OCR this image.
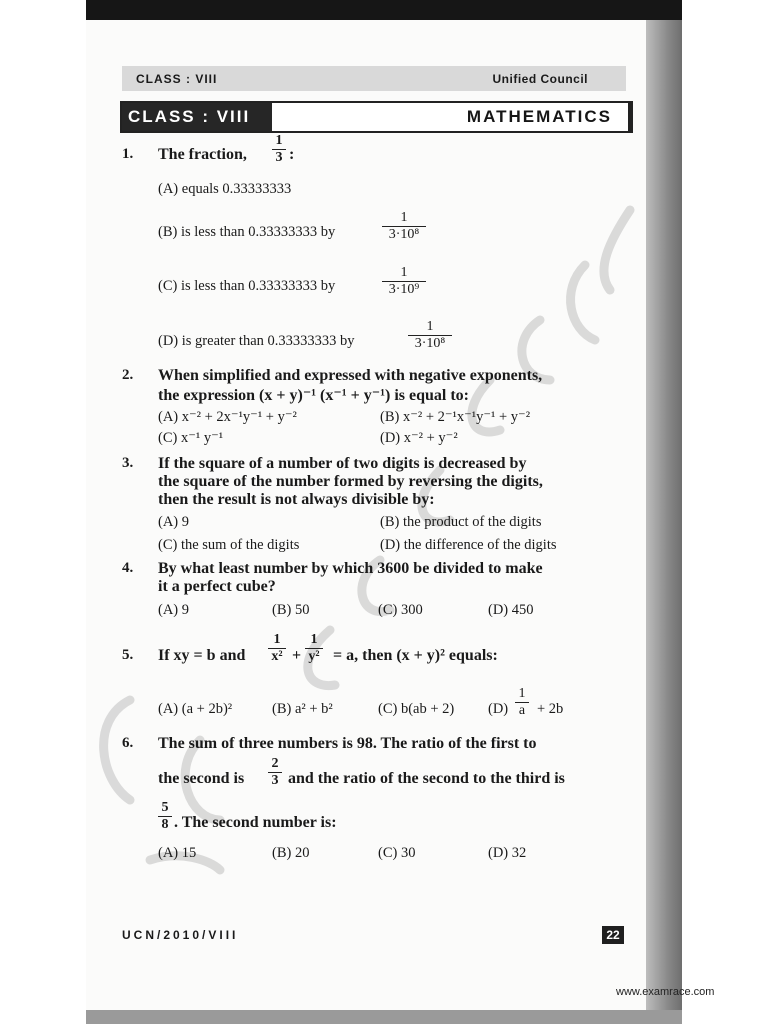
CLASS : VIII	Unified Council
CLASS : VIII	MATHEMATICS
1. The fraction, $\frac{1}{3}$ :
(A) equals 0.33333333
(B) is less than 0.33333333 by	$\frac{1}{\text{3·10⁸}}$
(C) is less than 0.33333333 by	$\frac{1}{\text{3·10⁹}}$
(D) is greater than 0.33333333 by	$\frac{1}{\text{3·10⁸}}$
2. When simplified and expressed with negative exponents,
the expression (x + y)⁻¹ (x⁻¹ + y⁻¹) is equal to:
(A) x⁻² + 2x⁻¹y⁻¹ + y⁻²	(B) x⁻² + 2⁻¹x⁻¹y⁻¹ + y⁻²
(C) x⁻¹ y⁻¹	(D) x⁻² + y⁻²
3. If the square of a number of two digits is decreased by
the square of the number formed by reversing the digits,
then the result is not always divisible by:
(A) 9	(B) the product of the digits
(C) the sum of the digits	(D) the difference of the digits
4. By what least number by which 3600 be divided to make
it a perfect cube?
(A) 9	(B) 50	(C) 300	(D) 450
5. If xy = b and $\frac{1}{\text{x²}} + \frac{1}{\text{y²}} = a$, then (x + y)² equals:
(A) (a + 2b)²	(B) a² + b²	(C) b(ab + 2) $(D) \frac{1}{a} + 2b$
6. The sum of three numbers is 98. The ratio of the first to
the second is $\frac{2}{3}$ and the ratio of the second to the third is
$\frac{5}{8}$ . The second number is:
(A) 15	(B) 20	(C) 30	(D) 32
UCN/2010/VIII	22
www.examrace.com
